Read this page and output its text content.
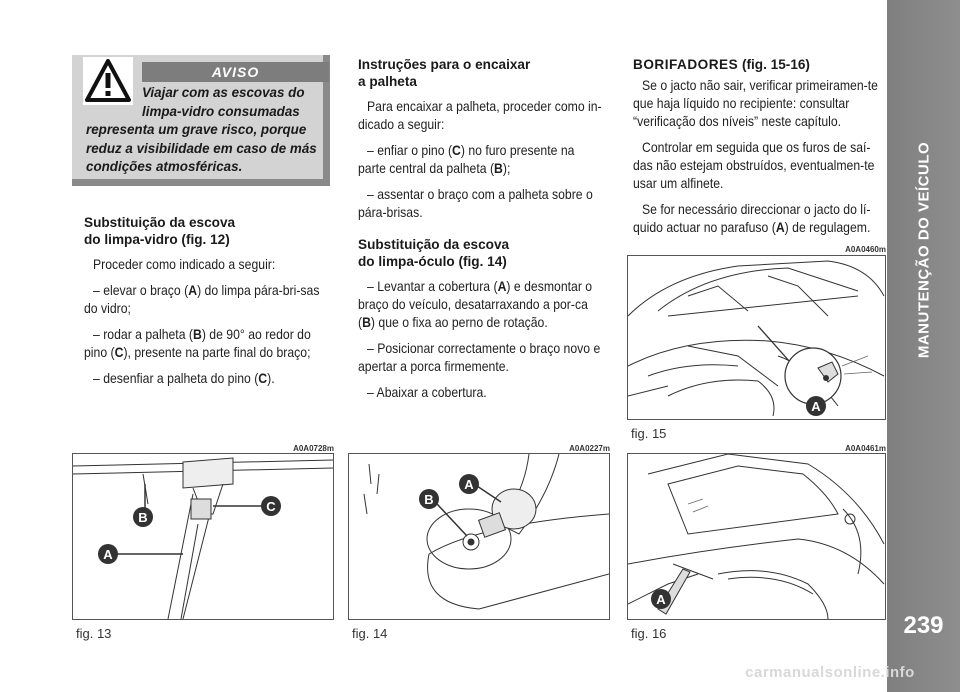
MANUTENÇÃO DO VEÍCULO
239
carmanualsonline.info
AVISO
Viajar com as escovas do
limpa-vidro consumadas
representa um grave risco, porque
reduz a visibilidade em caso de más
condições atmosféricas.
Substituição da escova
do limpa-vidro (fig. 12)

Proceder como indicado a seguir:

– elevar o braço (A) do limpa pára-bri-sas do vidro;

– rodar a palheta (B) de 90° ao redor do pino (C), presente na parte final do braço;

– desenfiar a palheta do pino (C).

Instruções para o encaixar
a palheta

Para encaixar a palheta, proceder como in-dicado a seguir:

– enfiar o pino (C) no furo presente na parte central da palheta (B);

– assentar o braço com a palheta sobre o pára-brisas.

Substituição da escova
do limpa-óculo (fig. 14)

– Levantar a cobertura (A) e desmontar o braço do veículo, desatarraxando a por-ca (B) que o fixa ao perno de rotação.

– Posicionar correctamente o braço novo e apertar a porca firmemente.

– Abaixar a cobertura.

BORIFADORES (fig. 15-16)

Se o jacto não sair, verificar primeiramen-te que haja líquido no recipiente: consultar “verificação dos níveis” neste capítulo.

Controlar em seguida que os furos de saí-das não estejam obstruídos, eventualmen-te usar um alfinete.

Se for necessário direccionar o jacto do lí-quido actuar no parafuso (A) de regulagem.

A0A0460m
A
fig. 15
A0A0728m
B
C
A
fig. 13
A0A0227m
A
B
fig. 14
A0A0461m
A
fig. 16
